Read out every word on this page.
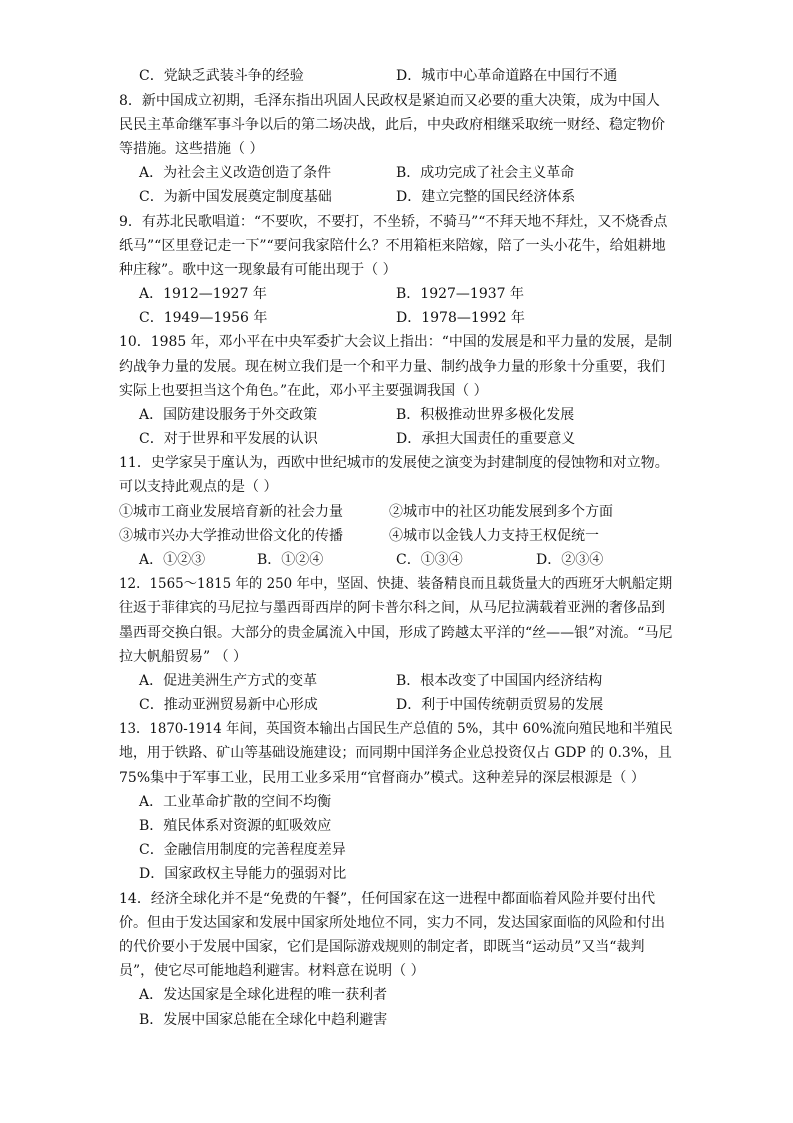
C．党缺乏武装斗争的经验	D．城市中心革命道路在中国行不通
8．新中国成立初期，毛泽东指出巩固人民政权是紧迫而又必要的重大决策，成为中国人
民民主革命继军事斗争以后的第二场决战，此后，中央政府相继采取统一财经、稳定物价
等措施。这些措施（ ）
A．为社会主义改造创造了条件	B．成功完成了社会主义革命
C．为新中国发展奠定制度基础	D．建立完整的国民经济体系
9．有苏北民歌唱道：“不要吹，不要打，不坐轿，不骑马”“不拜天地不拜灶，又不烧香点
纸马”“区里登记走一下”“要问我家陪什么？不用箱柜来陪嫁，陪了一头小花牛，给姐耕地
种庄稼”。歌中这一现象最有可能出现于（ ）
A．1912—1927 年	B．1927—1937 年
C．1949—1956 年	D．1978—1992 年
10．1985 年，邓小平在中央军委扩大会议上指出：“中国的发展是和平力量的发展，是制
约战争力量的发展。现在树立我们是一个和平力量、制约战争力量的形象十分重要，我们
实际上也要担当这个角色。”在此，邓小平主要强调我国（ ）
A．国防建设服务于外交政策	B．积极推动世界多极化发展
C．对于世界和平发展的认识	D．承担大国责任的重要意义
11．史学家吴于廑认为，西欧中世纪城市的发展使之演变为封建制度的侵蚀物和对立物。
可以支持此观点的是（ ）
①城市工商业发展培育新的社会力量	②城市中的社区功能发展到多个方面
③城市兴办大学推动世俗文化的传播	④城市以金钱人力支持王权促统一
A．①②③	B．①②④	C．①③④	D．②③④
12．1565～1815 年的 250 年中，坚固、快捷、装备精良而且载货量大的西班牙大帆船定期
往返于菲律宾的马尼拉与墨西哥西岸的阿卡普尔科之间，从马尼拉满载着亚洲的奢侈品到
墨西哥交换白银。大部分的贵金属流入中国，形成了跨越太平洋的“丝——银”对流。“马尼
拉大帆船贸易” （ ）
A．促进美洲生产方式的变革	B．根本改变了中国国内经济结构
C．推动亚洲贸易新中心形成	D．利于中国传统朝贡贸易的发展
13．1870-1914 年间，英国资本输出占国民生产总值的 5%，其中 60%流向殖民地和半殖民
地，用于铁路、矿山等基础设施建设；而同期中国洋务企业总投资仅占 GDP 的 0.3%，且
75%集中于军事工业，民用工业多采用“官督商办”模式。这种差异的深层根源是（ ）
A．工业革命扩散的空间不均衡
B．殖民体系对资源的虹吸效应
C．金融信用制度的完善程度差异
D．国家政权主导能力的强弱对比
14．经济全球化并不是“免费的午餐”，任何国家在这一进程中都面临着风险并要付出代
价。但由于发达国家和发展中国家所处地位不同，实力不同，发达国家面临的风险和付出
的代价要小于发展中国家，它们是国际游戏规则的制定者，即既当“运动员”又当“裁判
员”，使它尽可能地趋利避害。材料意在说明（ ）
A．发达国家是全球化进程的唯一获利者
B．发展中国家总能在全球化中趋利避害
